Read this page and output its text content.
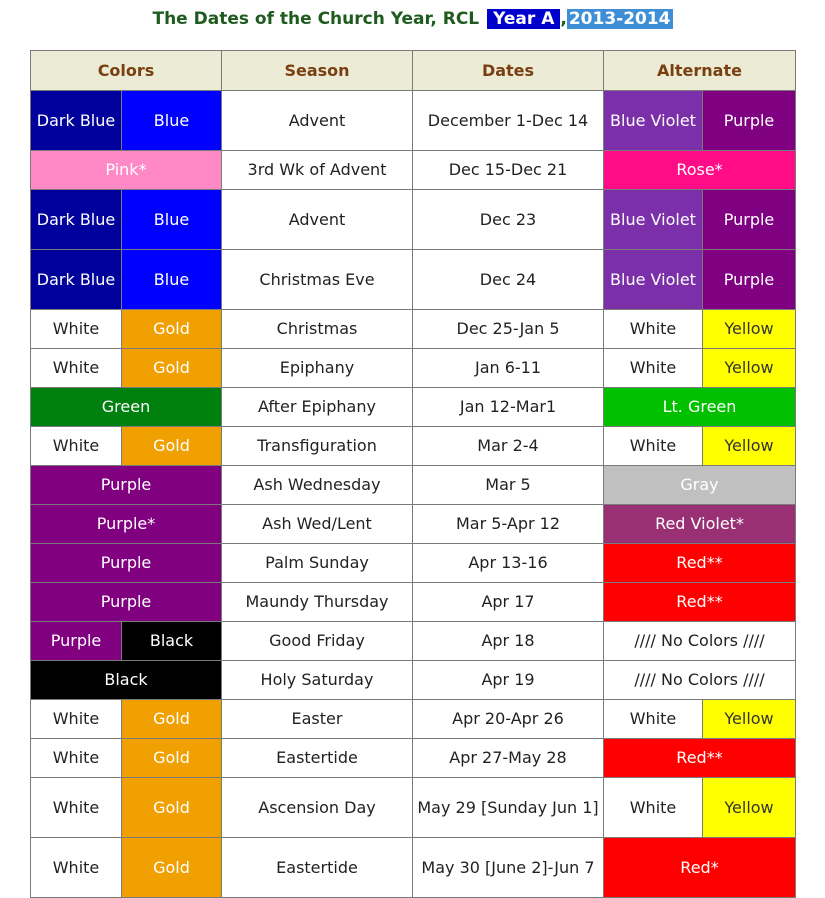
The Dates of the Church Year, RCL Year A , 2013-2014
Colors		Season	Dates	Alternate	
Dark Blue	Blue	Advent	December 1-Dec 14	Blue Violet	Purple
Pink*		3rd Wk of Advent	Dec 15-Dec 21	Rose*	
Dark Blue	Blue	Advent	Dec 23	Blue Violet	Purple
Dark Blue	Blue	Christmas Eve	Dec 24	Blue Violet	Purple
White	Gold	Christmas	Dec 25-Jan 5	White	Yellow
White	Gold	Epiphany	Jan 6-11	White	Yellow
Green		After Epiphany	Jan 12-Mar1	Lt. Green	
White	Gold	Transfiguration	Mar 2-4	White	Yellow
Purple		Ash Wednesday	Mar 5	Gray	
Purple*		Ash Wed/Lent	Mar 5-Apr 12	Red Violet*	
Purple		Palm Sunday	Apr 13-16	Red**	
Purple		Maundy Thursday	Apr 17	Red**	
Purple	Black	Good Friday	Apr 18	//// No Colors ////	
Black		Holy Saturday	Apr 19	//// No Colors ////	
White	Gold	Easter	Apr 20-Apr 26	White	Yellow
White	Gold	Eastertide	Apr 27-May 28	Red**	
White	Gold	Ascension Day	May 29 [Sunday Jun 1]	White	Yellow
White	Gold	Eastertide	May 30 [June 2]-Jun 7	Red*	
